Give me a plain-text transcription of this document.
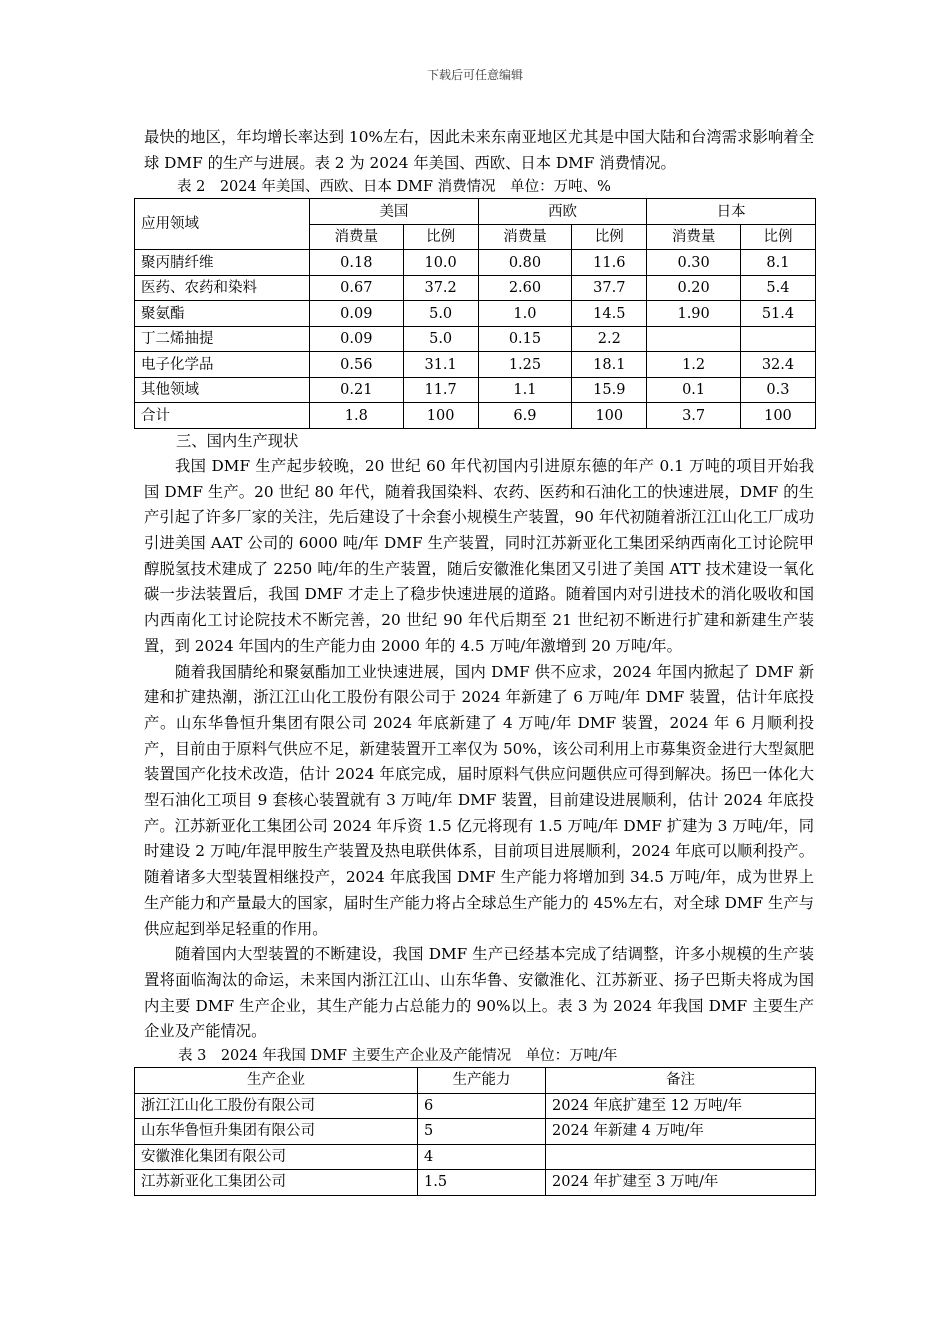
下载后可任意编辑

最快的地区，年均增长率达到 10%左右，因此未来东南亚地区尤其是中国大陆和台湾需求影响着全球 DMF 的生产与进展。表 2 为 2024 年美国、西欧、日本 DMF 消费情况。

表 2　2024 年美国、西欧、日本 DMF 消费情况　单位：万吨、%
应用领域	美国		西欧		日本	
	消费量	比例	消费量	比例	消费量	比例
聚丙腈纤维	0.18	10.0	0.80	11.6	0.30	8.1
医药、农药和染料	0.67	37.2	2.60	37.7	0.20	5.4
聚氨酯	0.09	5.0	1.0	14.5	1.90	51.4
丁二烯抽提	0.09	5.0	0.15	2.2		
电子化学品	0.56	31.1	1.25	18.1	1.2	32.4
其他领域	0.21	11.7	1.1	15.9	0.1	0.3
合计	1.8	100	6.9	100	3.7	100
三、国内生产现状

我国 DMF 生产起步较晚，20 世纪 60 年代初国内引进原东德的年产 0.1 万吨的项目开始我国 DMF 生产。20 世纪 80 年代，随着我国染料、农药、医药和石油化工的快速进展，DMF 的生产引起了许多厂家的关注，先后建设了十余套小规模生产装置，90 年代初随着浙江江山化工厂成功引进美国 AAT 公司的 6000 吨/年 DMF 生产装置，同时江苏新亚化工集团采纳西南化工讨论院甲醇脱氢技术建成了 2250 吨/年的生产装置，随后安徽淮化集团又引进了美国 ATT 技术建设一氧化碳一步法装置后，我国 DMF 才走上了稳步快速进展的道路。随着国内对引进技术的消化吸收和国内西南化工讨论院技术不断完善，20 世纪 90 年代后期至 21 世纪初不断进行扩建和新建生产装置，到 2024 年国内的生产能力由 2000 年的 4.5 万吨/年激增到 20 万吨/年。

随着我国腈纶和聚氨酯加工业快速进展，国内 DMF 供不应求，2024 年国内掀起了 DMF 新建和扩建热潮，浙江江山化工股份有限公司于 2024 年新建了 6 万吨/年 DMF 装置，估计年底投产。山东华鲁恒升集团有限公司 2024 年底新建了 4 万吨/年 DMF 装置，2024 年 6 月顺利投产，目前由于原料气供应不足，新建装置开工率仅为 50%，该公司利用上市募集资金进行大型氮肥装置国产化技术改造，估计 2024 年底完成，届时原料气供应问题供应可得到解决。扬巴一体化大型石油化工项目 9 套核心装置就有 3 万吨/年 DMF 装置，目前建设进展顺利，估计 2024 年底投产。江苏新亚化工集团公司 2024 年斥资 1.5 亿元将现有 1.5 万吨/年 DMF 扩建为 3 万吨/年，同时建设 2 万吨/年混甲胺生产装置及热电联供体系，目前项目进展顺利，2024 年底可以顺利投产。随着诸多大型装置相继投产，2024 年底我国 DMF 生产能力将增加到 34.5 万吨/年，成为世界上生产能力和产量最大的国家，届时生产能力将占全球总生产能力的 45%左右，对全球 DMF 生产与供应起到举足轻重的作用。

随着国内大型装置的不断建设，我国 DMF 生产已经基本完成了结调整，许多小规模的生产装置将面临淘汰的命运，未来国内浙江江山、山东华鲁、安徽淮化、江苏新亚、扬子巴斯夫将成为国内主要 DMF 生产企业，其生产能力占总能力的 90%以上。表 3 为 2024 年我国 DMF 主要生产企业及产能情况。

表 3　2024 年我国 DMF 主要生产企业及产能情况　单位：万吨/年
生产企业	生产能力	备注
浙江江山化工股份有限公司	6	2024 年底扩建至 12 万吨/年
山东华鲁恒升集团有限公司	5	2024 年新建 4 万吨/年
安徽淮化集团有限公司	4	
江苏新亚化工集团公司	1.5	2024 年扩建至 3 万吨/年
